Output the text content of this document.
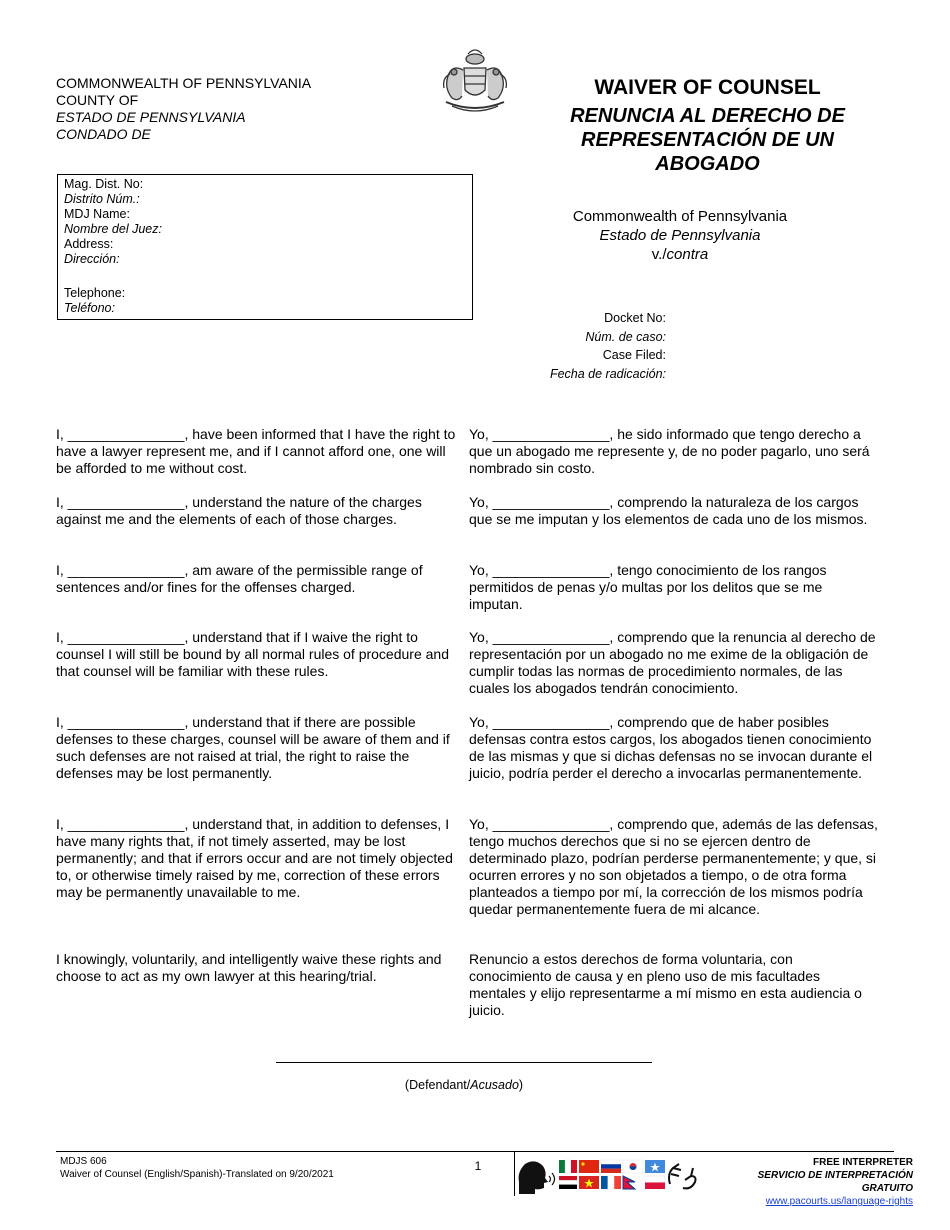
COMMONWEALTH OF PENNSYLVANIA
COUNTY OF
ESTADO DE PENNSYLVANIA
CONDADO DE
WAIVER OF COUNSEL
RENUNCIA AL DERECHO DE
REPRESENTACIÓN DE UN
ABOGADO
Commonwealth of Pennsylvania
Estado de Pennsylvania
v./contra
Mag. Dist. No:
Distrito Núm.:
MDJ Name:
Nombre del Juez:
Address:
Dirección:
Telephone:
Teléfono:
Docket No:
Núm. de caso:
Case Filed:
Fecha de radicación:
I, _______________, have been informed that I have the right to have a lawyer represent me, and if I cannot afford one, one will be afforded to me without cost.
I, _______________, understand the nature of the charges against me and the elements of each of those charges.
I, _______________, am aware of the permissible range of sentences and/or fines for the offenses charged.
I, _______________, understand that if I waive the right to counsel I will still be bound by all normal rules of procedure and that counsel will be familiar with these rules.
I, _______________, understand that if there are possible defenses to these charges, counsel will be aware of them and if such defenses are not raised at trial, the right to raise the defenses may be lost permanently.
I, _______________, understand that, in addition to defenses, I have many rights that, if not timely asserted, may be lost permanently; and that if errors occur and are not timely objected to, or otherwise timely raised by me, correction of these errors may be permanently unavailable to me.
I knowingly, voluntarily, and intelligently waive these rights and choose to act as my own lawyer at this hearing/trial.
Yo, _______________, he sido informado que tengo derecho a que un abogado me represente y, de no poder pagarlo, uno será nombrado sin costo.
Yo, _______________, comprendo la naturaleza de los cargos que se me imputan y los elementos de cada uno de los mismos.
Yo, _______________, tengo conocimiento de los rangos permitidos de penas y/o multas por los delitos que se me imputan.
Yo, _______________, comprendo que la renuncia al derecho de representación por un abogado no me exime de la obligación de cumplir todas las normas de procedimiento normales, de las cuales los abogados tendrán conocimiento.
Yo, _______________, comprendo que de haber posibles defensas contra estos cargos, los abogados tienen conocimiento de las mismas y que si dichas defensas no se invocan durante el juicio, podría perder el derecho a invocarlas permanentemente.
Yo, _______________, comprendo que, además de las defensas, tengo muchos derechos que si no se ejercen dentro de determinado plazo, podrían perderse permanentemente; y que, si ocurren errores y no son objetados a tiempo, o de otra forma planteados a tiempo por mí, la corrección de los mismos podría quedar permanentemente fuera de mi alcance.
Renuncio a estos derechos de forma voluntaria, con conocimiento de causa y en pleno uso de mis facultades mentales y elijo representarme a mí mismo en esta audiencia o juicio.
(Defendant/Acusado)
MDJS 606
Waiver of Counsel (English/Spanish)-Translated on 9/20/2021
1	FREE INTERPRETER
SERVICIO DE INTERPRETACIÓN GRATUITO
www.pacourts.us/language-rights
